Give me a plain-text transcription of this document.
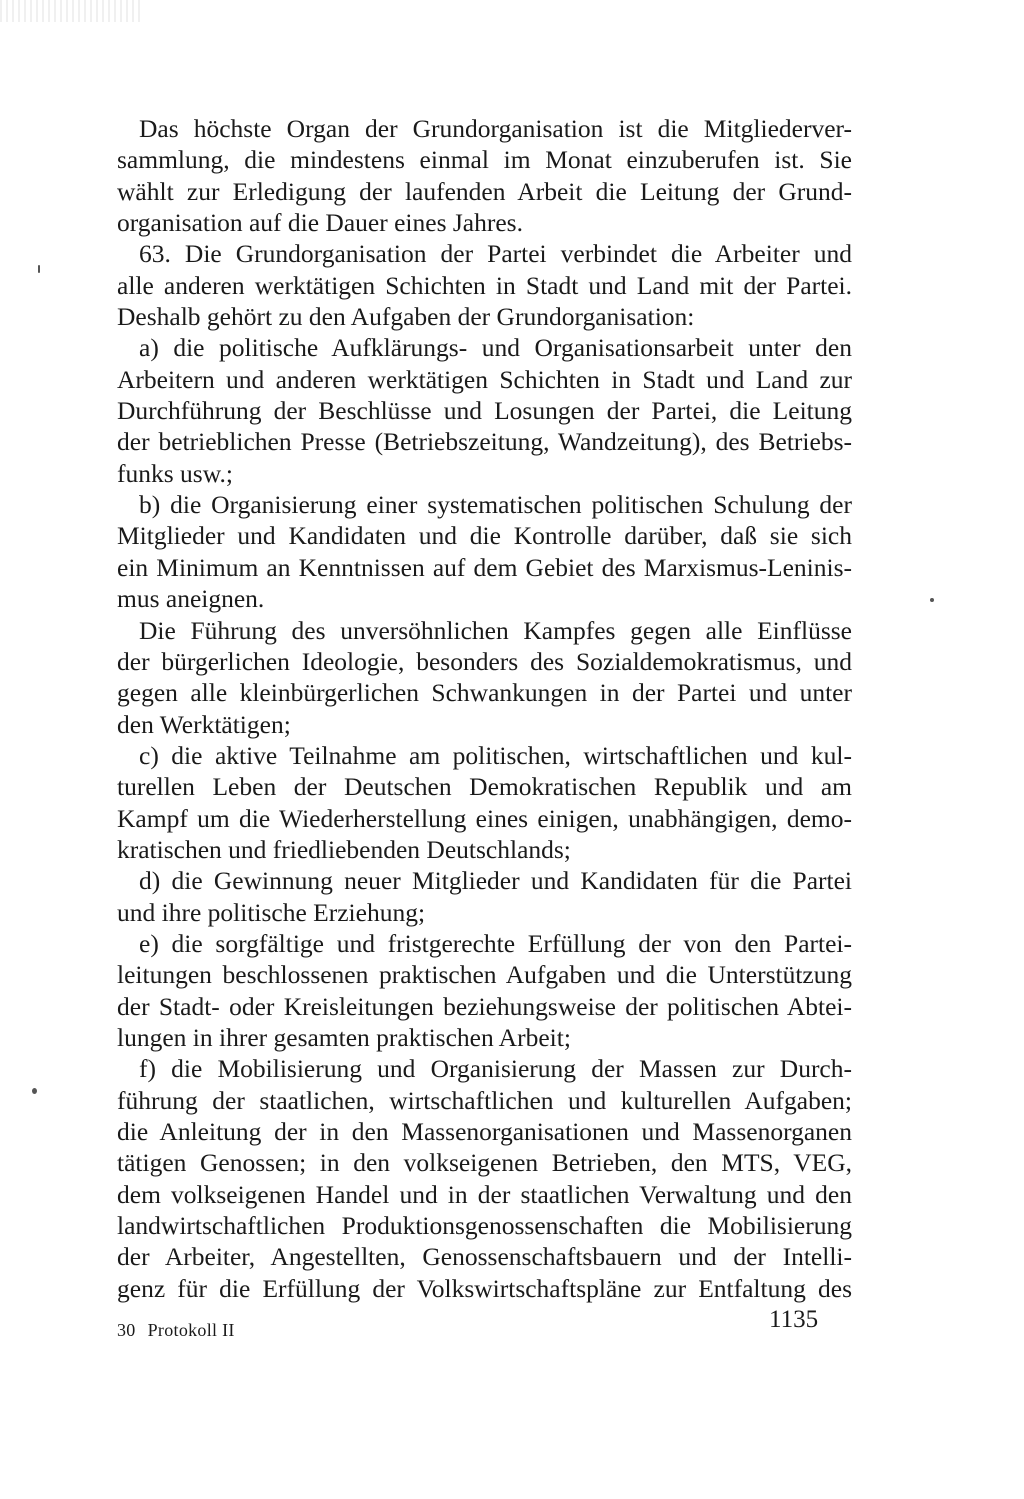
Das höchste Organ der Grundorganisation ist die Mitgliederver-
sammlung, die mindestens einmal im Monat einzuberufen ist. Sie
wählt zur Erledigung der laufenden Arbeit die Leitung der Grund-
organisation auf die Dauer eines Jahres.
63. Die Grundorganisation der Partei verbindet die Arbeiter und
alle anderen werktätigen Schichten in Stadt und Land mit der Partei.
Deshalb gehört zu den Aufgaben der Grundorganisation:
a) die politische Aufklärungs- und Organisationsarbeit unter den
Arbeitern und anderen werktätigen Schichten in Stadt und Land zur
Durchführung der Beschlüsse und Losungen der Partei, die Leitung
der betrieblichen Presse (Betriebszeitung, Wandzeitung), des Betriebs-
funks usw.;
b) die Organisierung einer systematischen politischen Schulung der
Mitglieder und Kandidaten und die Kontrolle darüber, daß sie sich
ein Minimum an Kenntnissen auf dem Gebiet des Marxismus-Leninis-
mus aneignen.
Die Führung des unversöhnlichen Kampfes gegen alle Einflüsse
der bürgerlichen Ideologie, besonders des Sozialdemokratismus, und
gegen alle kleinbürgerlichen Schwankungen in der Partei und unter
den Werktätigen;
c) die aktive Teilnahme am politischen, wirtschaftlichen und kul-
turellen Leben der Deutschen Demokratischen Republik und am
Kampf um die Wiederherstellung eines einigen, unabhängigen, demo-
kratischen und friedliebenden Deutschlands;
d) die Gewinnung neuer Mitglieder und Kandidaten für die Partei
und ihre politische Erziehung;
e) die sorgfältige und fristgerechte Erfüllung der von den Partei-
leitungen beschlossenen praktischen Aufgaben und die Unterstützung
der Stadt- oder Kreisleitungen beziehungsweise der politischen Abtei-
lungen in ihrer gesamten praktischen Arbeit;
f) die Mobilisierung und Organisierung der Massen zur Durch-
führung der staatlichen, wirtschaftlichen und kulturellen Aufgaben;
die Anleitung der in den Massenorganisationen und Massenorganen
tätigen Genossen; in den volkseigenen Betrieben, den MTS, VEG,
dem volkseigenen Handel und in der staatlichen Verwaltung und den
landwirtschaftlichen Produktionsgenossenschaften die Mobilisierung
der Arbeiter, Angestellten, Genossenschaftsbauern und der Intelli-
genz für die Erfüllung der Volkswirtschaftspläne zur Entfaltung des
30 Protokoll II	1135
